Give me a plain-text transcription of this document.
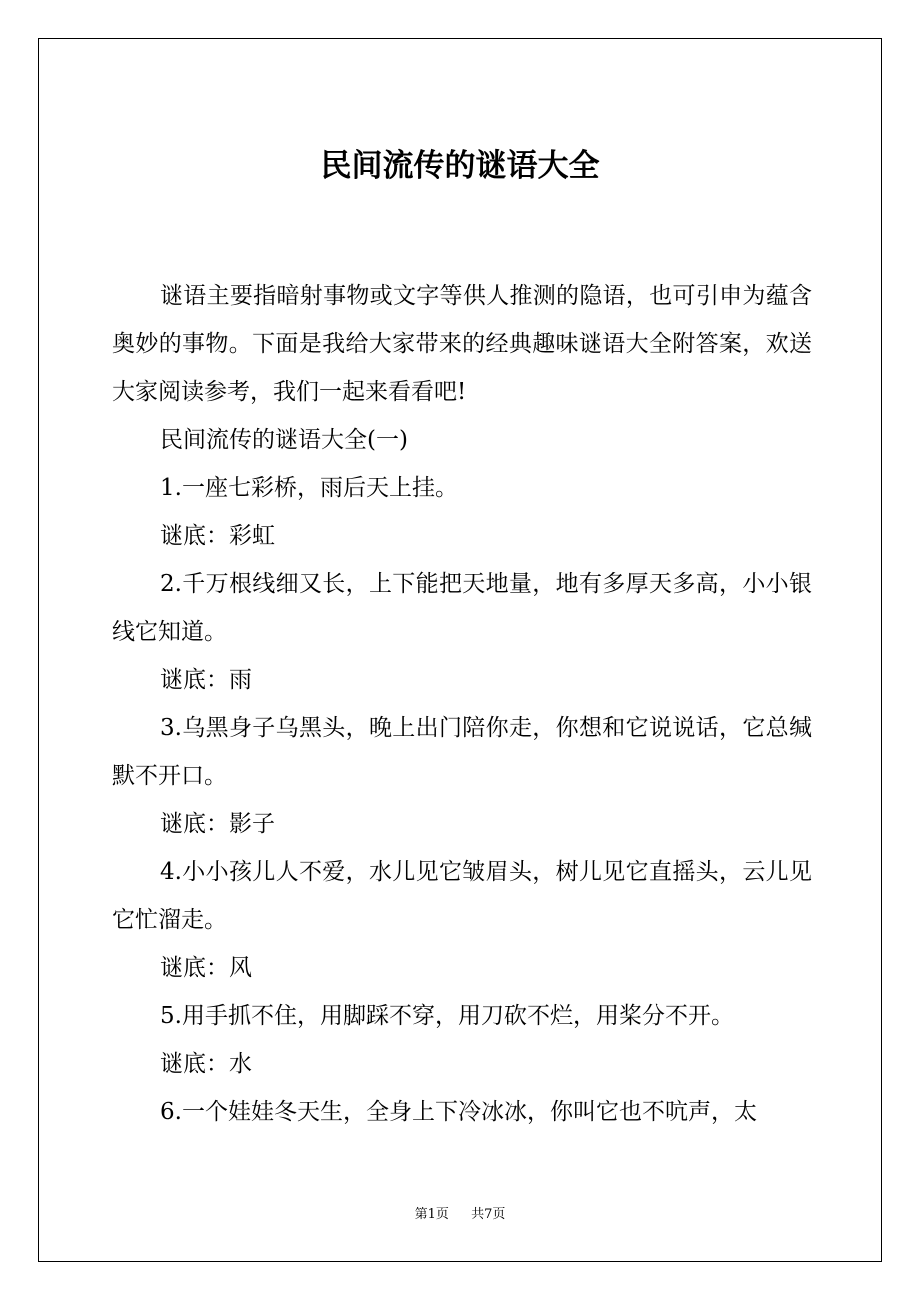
民间流传的谜语大全

谜语主要指暗射事物或文字等供人推测的隐语，也可引申为蕴含奥妙的事物。下面是我给大家带来的经典趣味谜语大全附答案，欢送大家阅读参考，我们一起来看看吧!

民间流传的谜语大全(一)

1.一座七彩桥，雨后天上挂。

谜底：彩虹

2.千万根线细又长，上下能把天地量，地有多厚天多高，小小银线它知道。

谜底：雨

3.乌黑身子乌黑头，晚上出门陪你走，你想和它说说话，它总缄默不开口。

谜底：影子

4.小小孩儿人不爱，水儿见它皱眉头，树儿见它直摇头，云儿见它忙溜走。

谜底：风

5.用手抓不住，用脚踩不穿，用刀砍不烂，用桨分不开。

谜底：水

6.一个娃娃冬天生，全身上下冷冰冰，你叫它也不吭声，太

第1页 共7页
